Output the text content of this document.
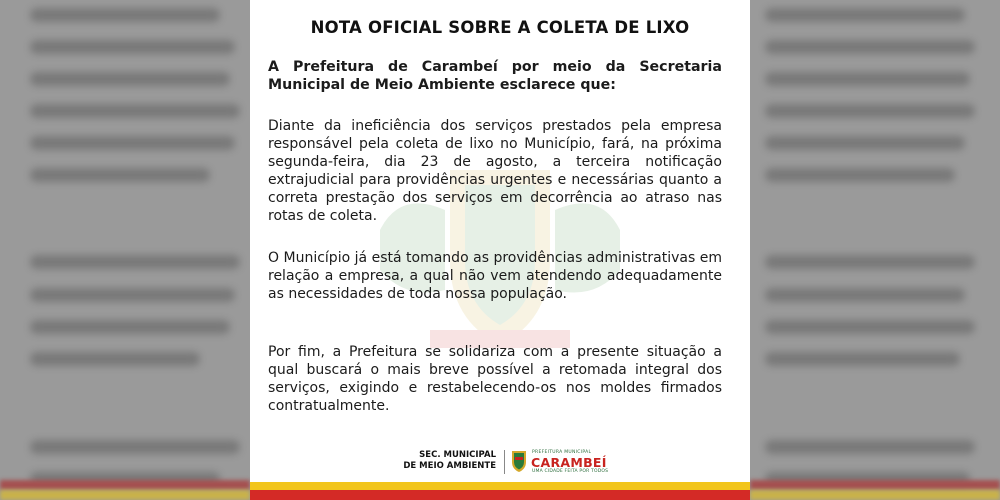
NOTA OFICIAL SOBRE A COLETA DE LIXO
A Prefeitura de Carambeí por meio da Secretaria Municipal de Meio Ambiente esclarece que:
Diante da ineficiência dos serviços prestados pela empresa responsável pela coleta de lixo no Município, fará, na próxima segunda-feira, dia 23 de agosto, a terceira notificação extrajudicial para providências urgentes e necessárias quanto a correta prestação dos serviços em decorrência ao atraso nas rotas de coleta.
O Município já está tomando as providências administrativas em relação a empresa, a qual não vem atendendo adequadamente as necessidades de toda nossa população.
Por fim, a Prefeitura se solidariza com a presente situação a qual buscará o mais breve possível a retomada integral dos serviços, exigindo e restabelecendo-os nos moldes firmados contratualmente.
SEC. MUNICIPAL
DE MEIO AMBIENTE
PREFEITURA MUNICIPAL
CARAMBEÍ
UMA CIDADE FEITA POR TODOS
